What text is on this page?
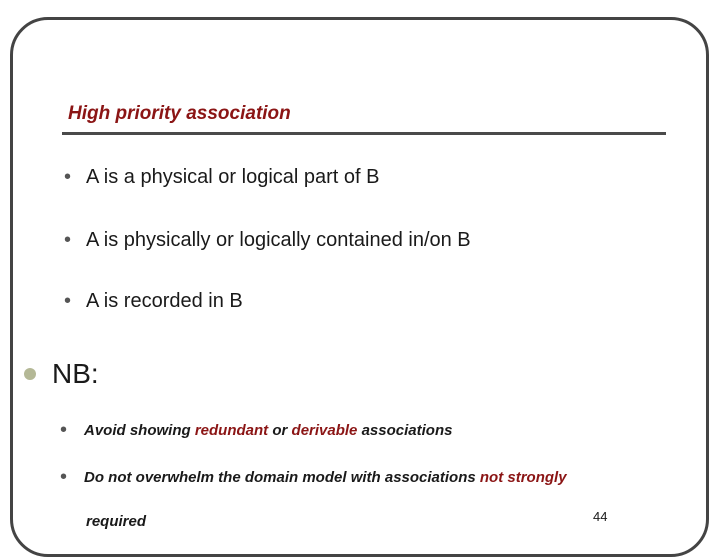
High priority association
• A is a physical or logical part of B
• A is physically or logically contained in/on B
• A is recorded in B
NB:
• Avoid showing redundant or derivable associations
• Do not overwhelm the domain model with associations not strongly
required	44
